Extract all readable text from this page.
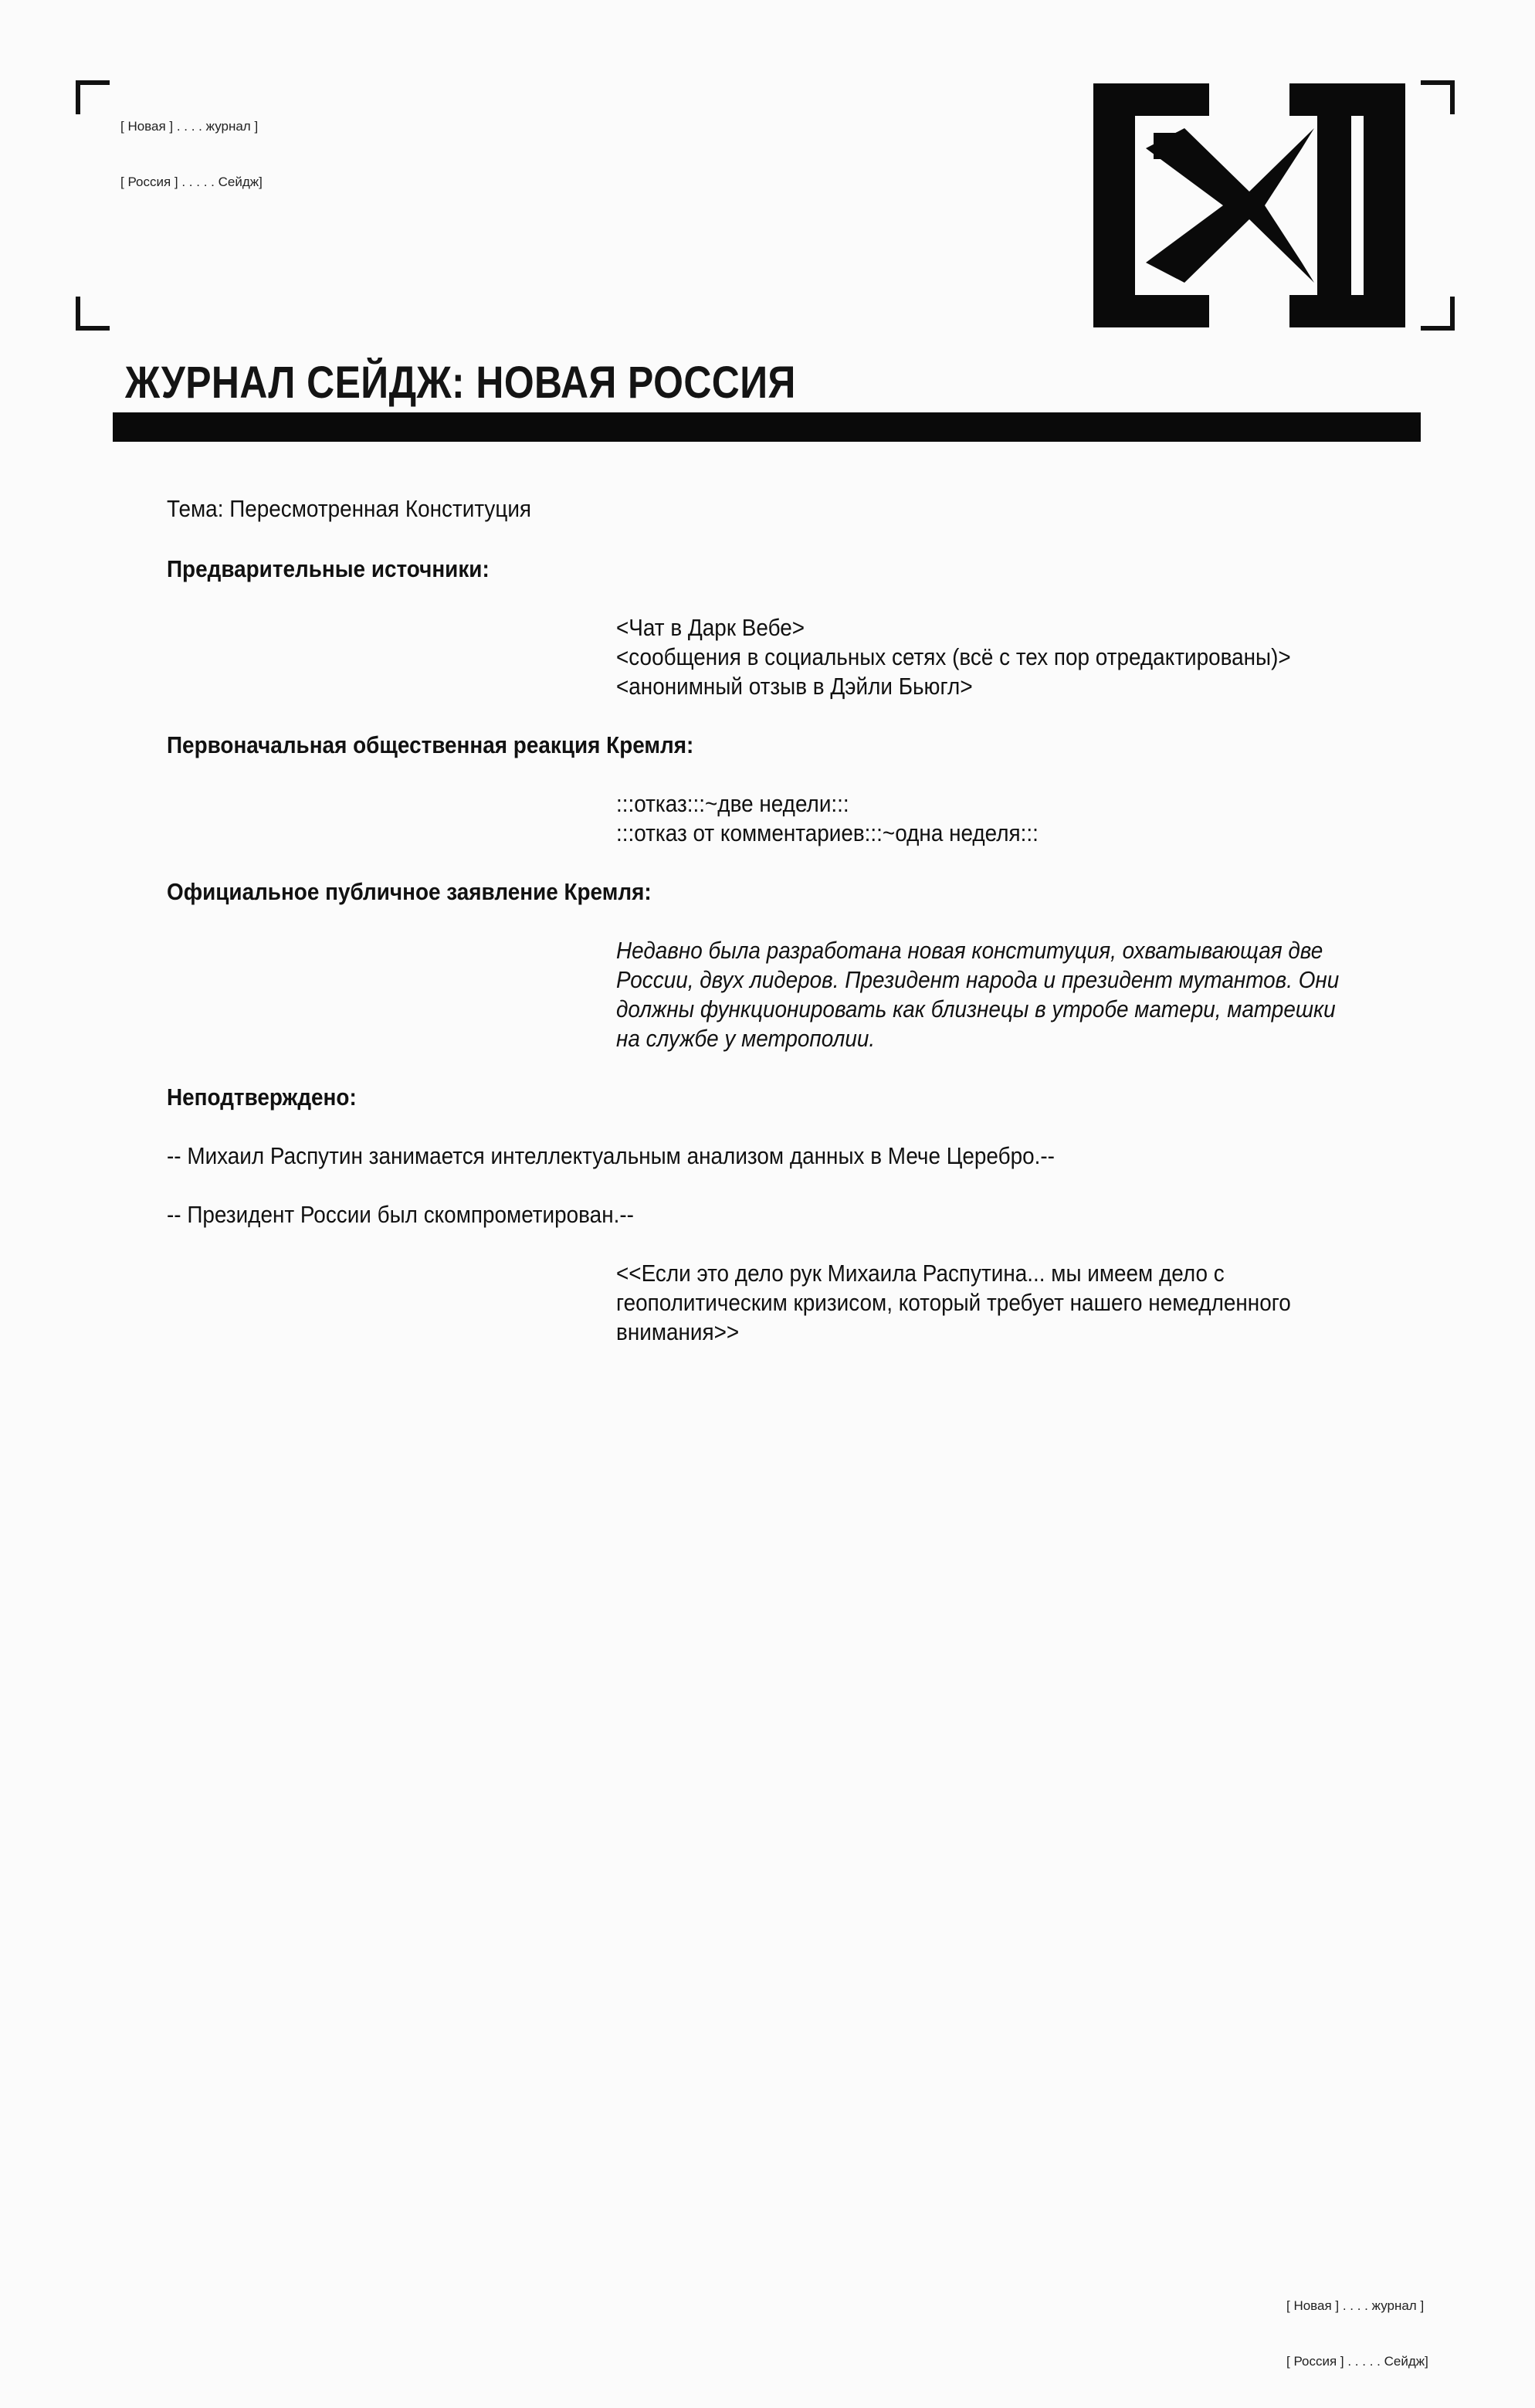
[ Новая ] . . . . журнал ]

[ Россия ] . . . . . Сейдж]

ЖУРНАЛ СЕЙДЖ: НОВАЯ РОССИЯ
Тема: Пересмотренная Конституция
Предварительные источники:
<Чат в Дарк Вебе>
<сообщения в социальных сетях (всё с тех пор отредактированы)>
<анонимный отзыв в Дэйли Бьюгл>
Первоначальная общественная реакция Кремля:
:::отказ:::~две недели:::
:::отказ от комментариев:::~одна неделя:::
Официальное публичное заявление Кремля:
Недавно была разработана новая конституция, охватывающая две
России, двух лидеров. Президент народа и президент мутантов. Они
должны функционировать как близнецы в утробе матери, матрешки
на службе у метрополии.
Неподтверждено:
-- Михаил Распутин занимается интеллектуальным анализом данных в Мече Церебро.--
-- Президент России был скомпрометирован.--
<<Если это дело рук Михаила Распутина... мы имеем дело с
геополитическим кризисом, который требует нашего немедленного
внимания>>

[ Новая ] . . . . журнал ]

[ Россия ] . . . . . Сейдж]
